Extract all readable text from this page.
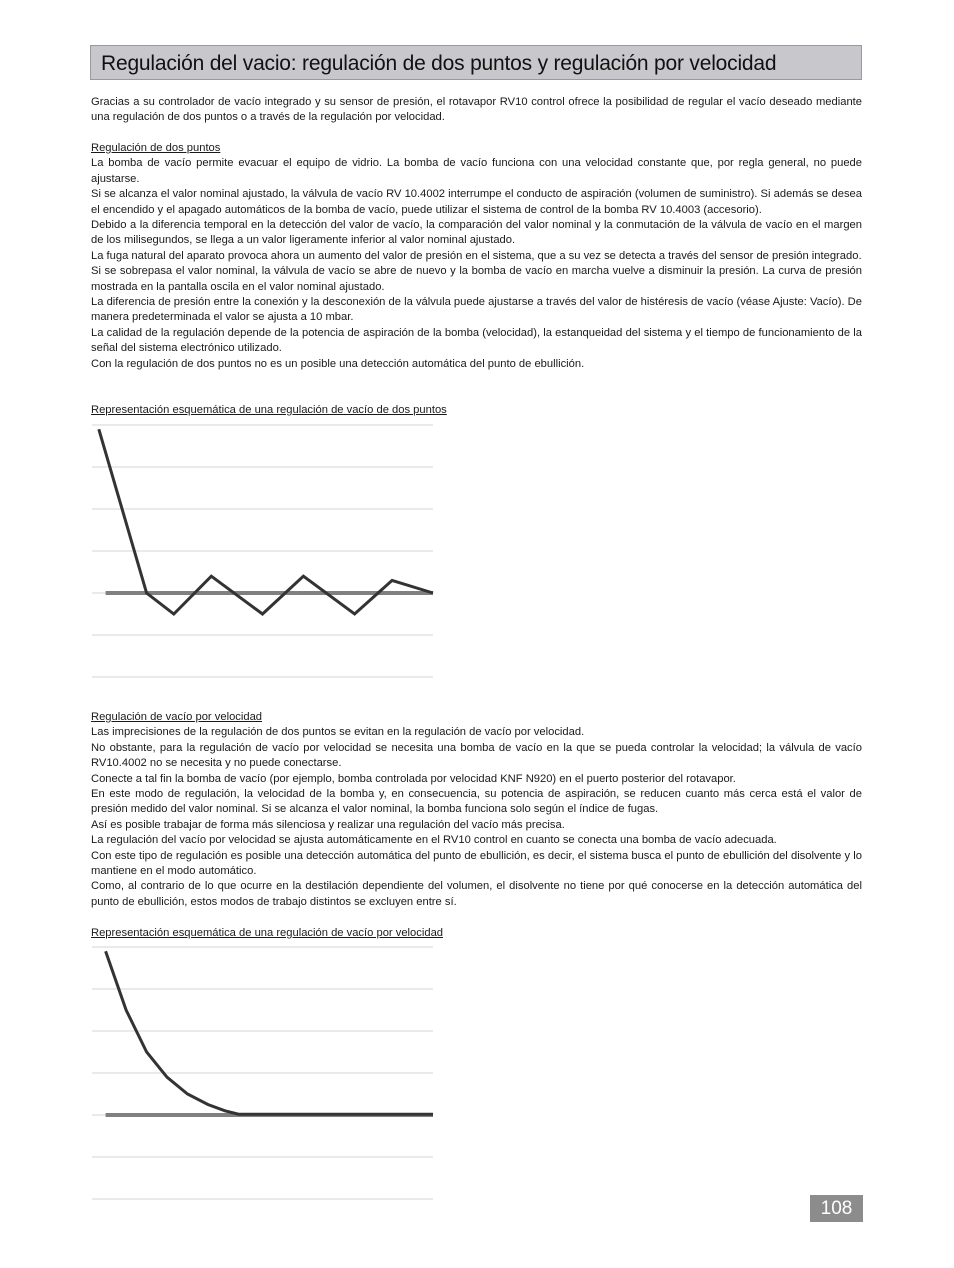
Regulación del vacio: regulación de dos puntos y regulación por velocidad

Gracias a su controlador de vacío integrado y su sensor de presión, el rotavapor RV10 control ofrece la posibilidad de regular el vacío deseado mediante una regulación de dos puntos o a través de la regulación por velocidad.

Regulación de dos puntos

La bomba de vacío permite evacuar el equipo de vidrio. La bomba de vacío funciona con una velocidad constante que, por regla general, no puede ajustarse.

Si se alcanza el valor nominal ajustado, la válvula de vacío RV 10.4002 interrumpe el conducto de aspiración (volumen de suministro). Si además se desea el encendido y el apagado automáticos de la bomba de vacío, puede utilizar el sistema de control de la bomba RV 10.4003 (accesorio).

Debido a la diferencia temporal en la detección del valor de vacío, la comparación del valor nominal y la conmutación de la válvula de vacío en el margen de los milisegundos, se llega a un valor ligeramente inferior al valor nominal ajustado.

La fuga natural del aparato provoca ahora un aumento del valor de presión en el sistema, que a su vez se detecta a través del sensor de presión integrado.

Si se sobrepasa el valor nominal, la válvula de vacío se abre de nuevo y la bomba de vacío en marcha vuelve a disminuir la presión. La curva de presión mostrada en la pantalla oscila en el valor nominal ajustado.

La diferencia de presión entre la conexión y la desconexión de la válvula puede ajustarse a través del valor de histéresis de vacío (véase Ajuste: Vacío). De manera predeterminada el valor se ajusta a 10 mbar.

La calidad de la regulación depende de la potencia de aspiración de la bomba (velocidad), la estanqueidad del sistema y el tiempo de funcionamiento de la señal del sistema electrónico utilizado.

Con la regulación de dos puntos no es un posible una detección automática del punto de ebullición.

Representación esquemática de una regulación de vacío de dos puntos

Regulación de vacío por velocidad

Las imprecisiones de la regulación de dos puntos se evitan en la regulación de vacío por velocidad.

No obstante, para la regulación de vacío por velocidad se necesita una bomba de vacío en la que se pueda controlar la velocidad; la válvula de vacío RV10.4002 no se necesita y no puede conectarse.

Conecte a tal fin la bomba de vacío (por ejemplo, bomba controlada por velocidad KNF N920) en el puerto posterior del rotavapor.

En este modo de regulación, la velocidad de la bomba y, en consecuencia, su potencia de aspiración, se reducen cuanto más cerca está el valor de presión medido del valor nominal. Si se alcanza el valor nominal, la bomba funciona solo según el índice de fugas.

Así es posible trabajar de forma más silenciosa y realizar una regulación del vacío más precisa.

La regulación del vacío por velocidad se ajusta automáticamente en el RV10 control en cuanto se conecta una bomba de vacío adecuada.

Con este tipo de regulación es posible una detección automática del punto de ebullición, es decir, el sistema busca el punto de ebullición del disolvente y lo mantiene en el modo automático.

Como, al contrario de lo que ocurre en la destilación dependiente del volumen, el disolvente no tiene por qué conocerse en la detección automática del punto de ebullición, estos modos de trabajo distintos se excluyen entre sí.

Representación esquemática de una regulación de vacío por velocidad

108
